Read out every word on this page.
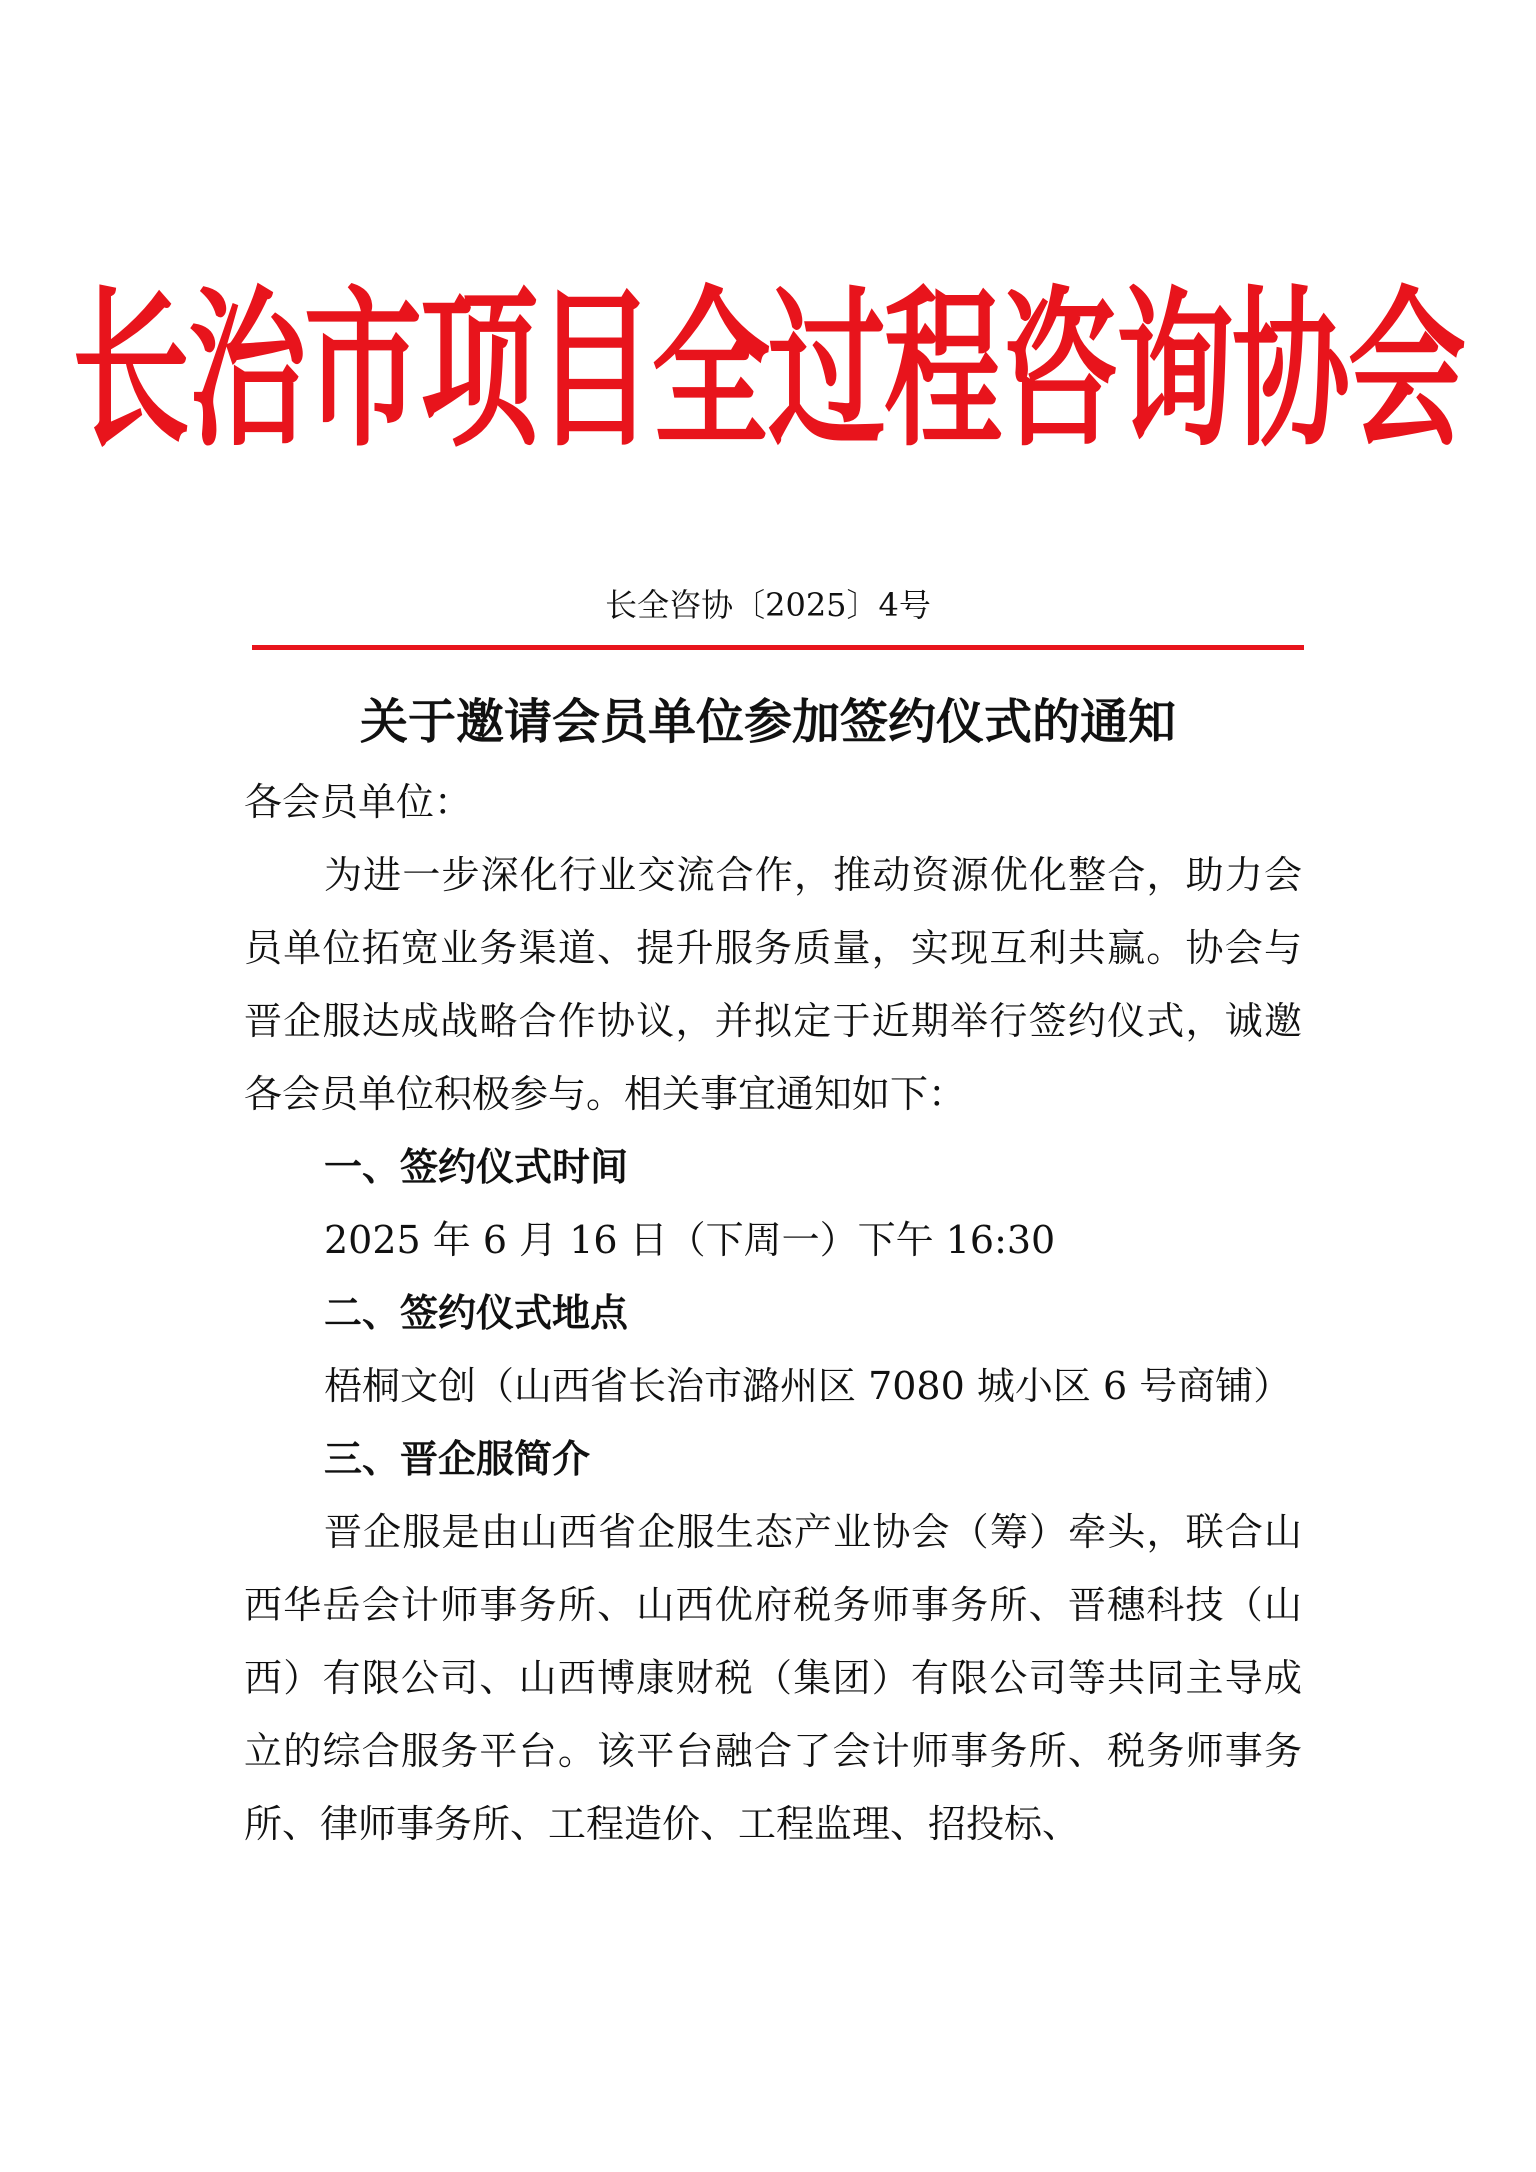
长治市项目全过程咨询协会
长全咨协〔2025〕4号
关于邀请会员单位参加签约仪式的通知

各会员单位：

为进一步深化行业交流合作，推动资源优化整合，助力会员单位拓宽业务渠道、提升服务质量，实现互利共赢。协会与晋企服达成战略合作协议，并拟定于近期举行签约仪式，诚邀各会员单位积极参与。相关事宜通知如下：

一、签约仪式时间

2025 年 6 月 16 日（下周一）下午 16:30

二、签约仪式地点

梧桐文创（山西省长治市潞州区 7080 城小区 6 号商铺）

三、晋企服简介

晋企服是由山西省企服生态产业协会（筹）牵头，联合山西华岳会计师事务所、山西优府税务师事务所、晋穗科技（山西）有限公司、山西博康财税（集团）有限公司等共同主导成立的综合服务平台。该平台融合了会计师事务所、税务师事务所、律师事务所、工程造价、工程监理、招投标、
